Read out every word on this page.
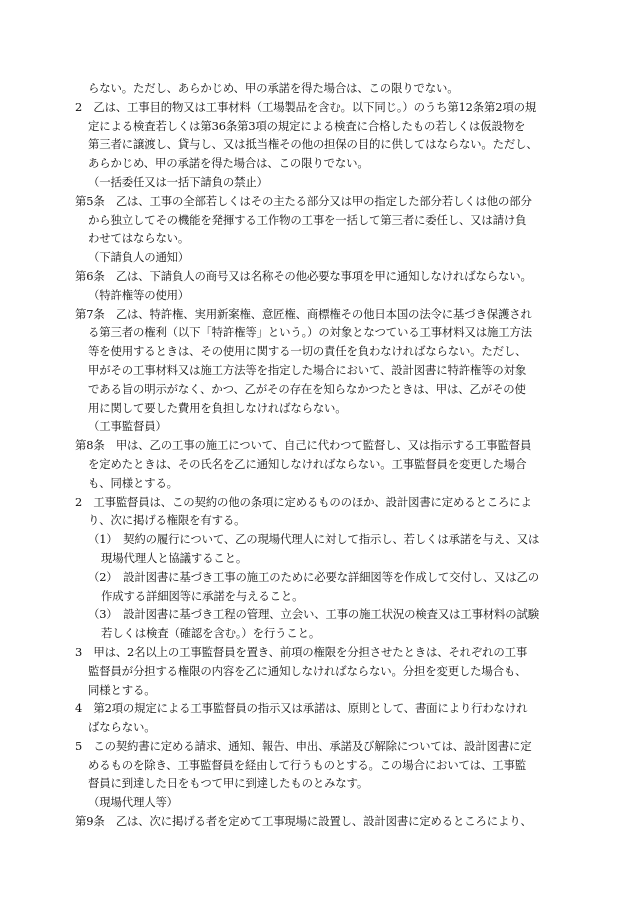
らない。ただし、あらかじめ、甲の承諾を得た場合は、この限りでない。
2　乙は、工事目的物又は工事材料（工場製品を含む。以下同じ。）のうち第12条第2項の規
定による検査若しくは第36条第3項の規定による検査に合格したもの若しくは仮設物を
第三者に譲渡し、貸与し、又は抵当権その他の担保の目的に供してはならない。ただし、
あらかじめ、甲の承諾を得た場合は、この限りでない。
（一括委任又は一括下請負の禁止）
第5条　乙は、工事の全部若しくはその主たる部分又は甲の指定した部分若しくは他の部分
から独立してその機能を発揮する工作物の工事を一括して第三者に委任し、又は請け負
わせてはならない。
（下請負人の通知）
第6条　乙は、下請負人の商号又は名称その他必要な事項を甲に通知しなければならない。
（特許権等の使用）
第7条　乙は、特許権、実用新案権、意匠権、商標権その他日本国の法令に基づき保護され
る第三者の権利（以下「特許権等」という。）の対象となつている工事材料又は施工方法
等を使用するときは、その使用に関する一切の責任を負わなければならない。ただし、
甲がその工事材料又は施工方法等を指定した場合において、設計図書に特許権等の対象
である旨の明示がなく、かつ、乙がその存在を知らなかつたときは、甲は、乙がその使
用に関して要した費用を負担しなければならない。
（工事監督員）
第8条　甲は、乙の工事の施工について、自己に代わつて監督し、又は指示する工事監督員
を定めたときは、その氏名を乙に通知しなければならない。工事監督員を変更した場合
も、同様とする。
2　工事監督員は、この契約の他の条項に定めるもののほか、設計図書に定めるところによ
り、次に掲げる権限を有する。
（1）　契約の履行について、乙の現場代理人に対して指示し、若しくは承諾を与え、又は
現場代理人と協議すること。
（2）　設計図書に基づき工事の施工のために必要な詳細図等を作成して交付し、又は乙の
作成する詳細図等に承諾を与えること。
（3）　設計図書に基づき工程の管理、立会い、工事の施工状況の検査又は工事材料の試験
若しくは検査（確認を含む。）を行うこと。
3　甲は、2名以上の工事監督員を置き、前項の権限を分担させたときは、それぞれの工事
監督員が分担する権限の内容を乙に通知しなければならない。分担を変更した場合も、
同様とする。
4　第2項の規定による工事監督員の指示又は承諾は、原則として、書面により行わなけれ
ばならない。
5　この契約書に定める請求、通知、報告、申出、承諾及び解除については、設計図書に定
めるものを除き、工事監督員を経由して行うものとする。この場合においては、工事監
督員に到達した日をもつて甲に到達したものとみなす。
（現場代理人等）
第9条　乙は、次に掲げる者を定めて工事現場に設置し、設計図書に定めるところにより、
